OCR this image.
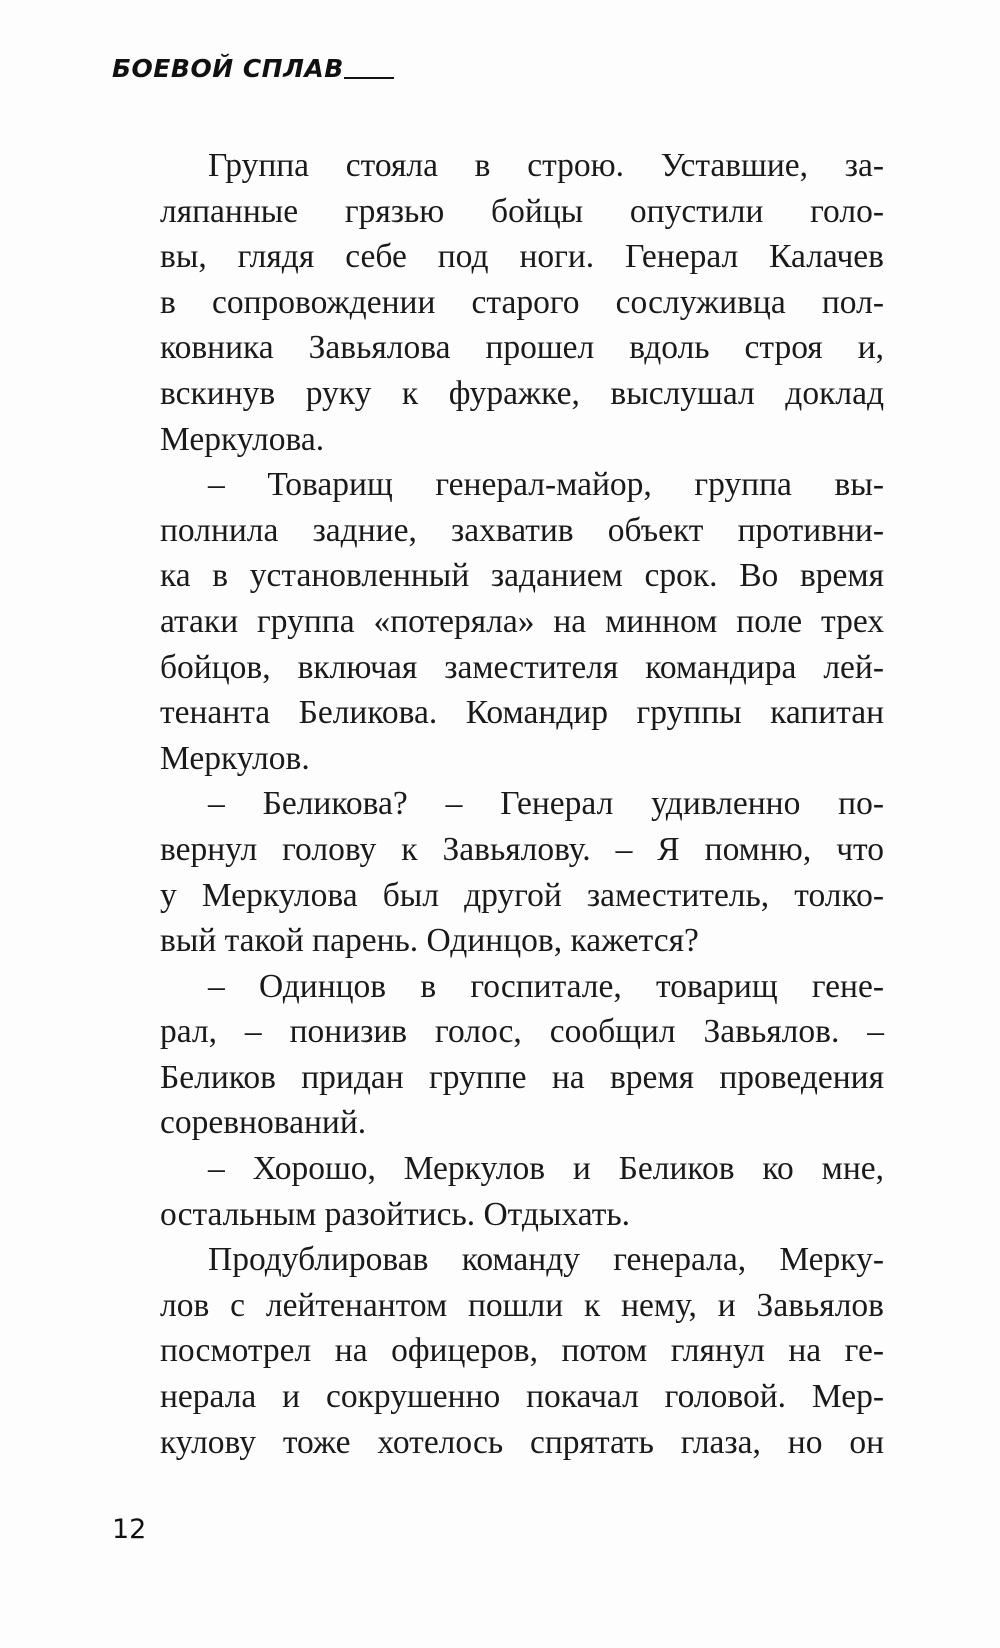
БОЕВОЙ СПЛАВ
Группа стояла в строю. Уставшие, за-
ляпанные грязью бойцы опустили голо-
вы, глядя себе под ноги. Генерал Калачев
в сопровождении старого сослуживца пол-
ковника Завьялова прошел вдоль строя и,
вскинув руку к фуражке, выслушал доклад
Меркулова.
– Товарищ генерал-майор, группа вы-
полнила задние, захватив объект противни-
ка в установленный заданием срок. Во время
атаки группа «потеряла» на минном поле трех
бойцов, включая заместителя командира лей-
тенанта Беликова. Командир группы капитан
Меркулов.
– Беликова? – Генерал удивленно по-
вернул голову к Завьялову. – Я помню, что
у Меркулова был другой заместитель, толко-
вый такой парень. Одинцов, кажется?
– Одинцов в госпитале, товарищ гене-
рал, – понизив голос, сообщил Завьялов. –
Беликов придан группе на время проведения
соревнований.
– Хорошо, Меркулов и Беликов ко мне,
остальным разойтись. Отдыхать.
Продублировав команду генерала, Мерку-
лов с лейтенантом пошли к нему, и Завьялов
посмотрел на офицеров, потом глянул на ге-
нерала и сокрушенно покачал головой. Мер-
кулову тоже хотелось спрятать глаза, но он
12
